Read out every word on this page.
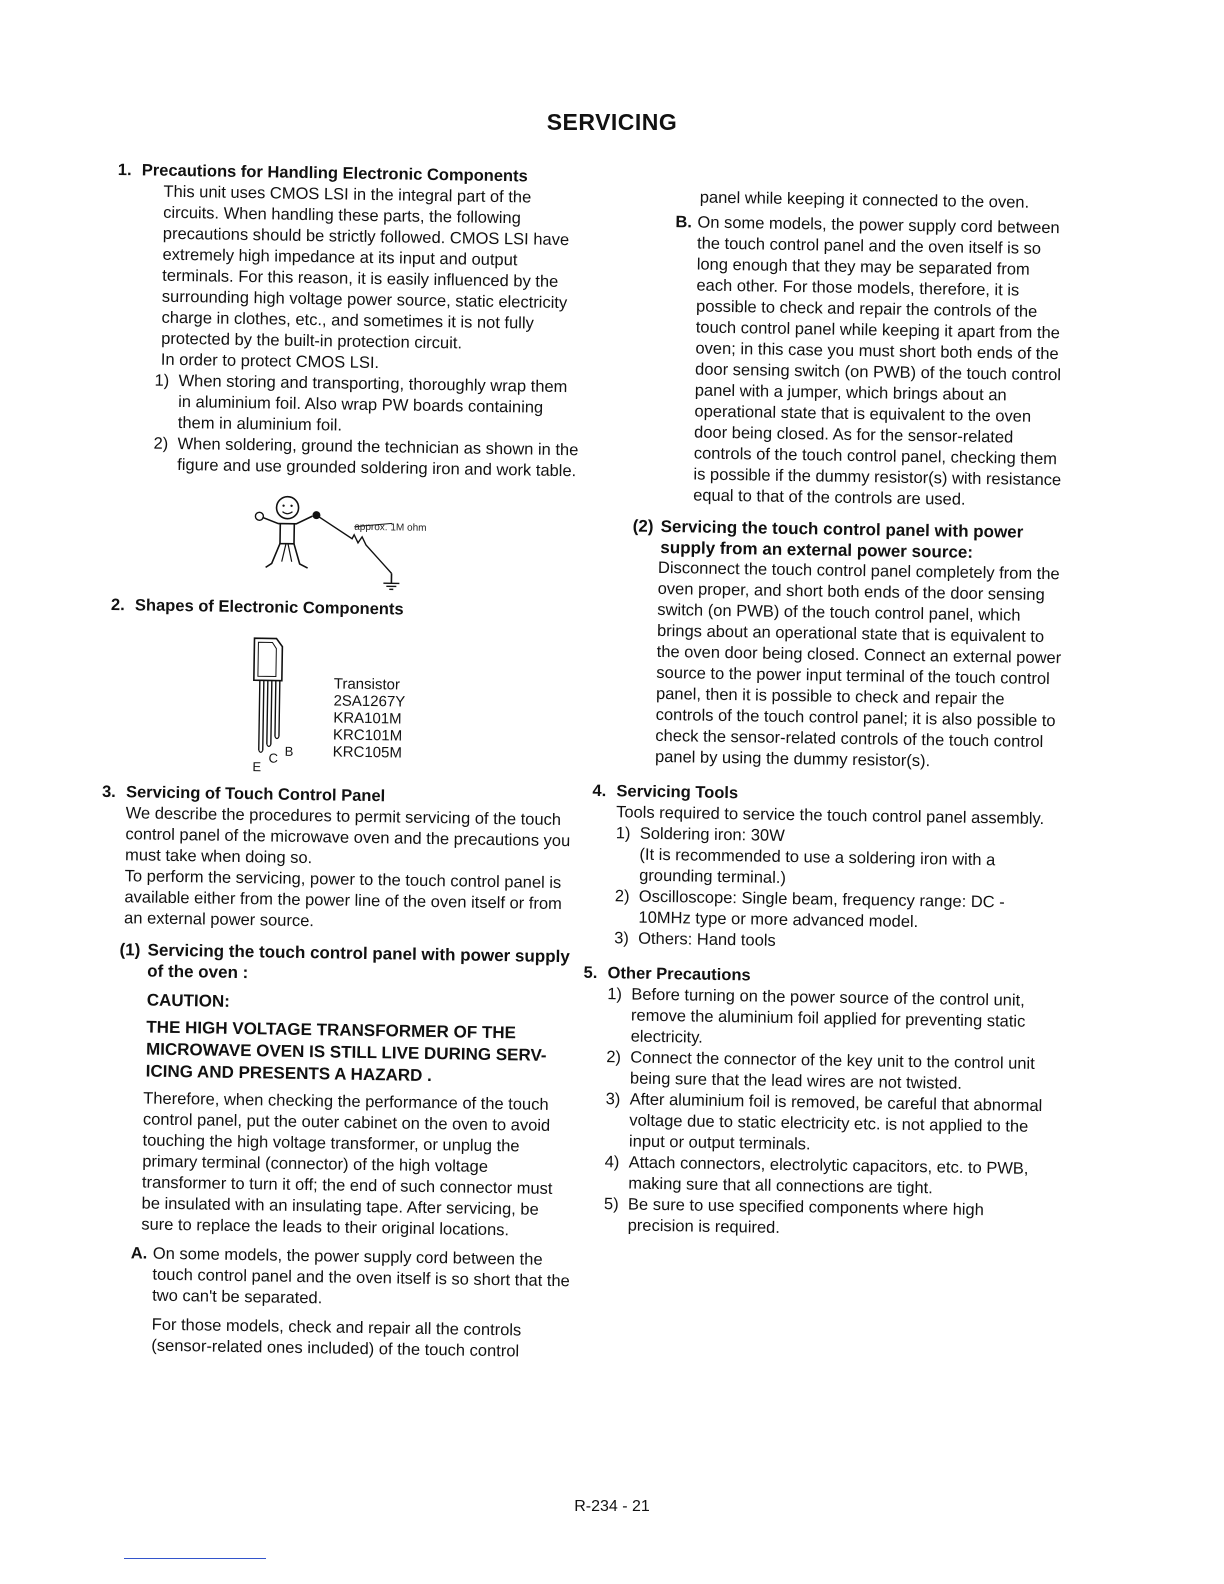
SERVICING
1. Precautions for Handling Electronic Components

This unit uses CMOS LSI in the integral part of the circuits. When handling these parts, the following precautions should be strictly followed. CMOS LSI have extremely high impedance at its input and output terminals. For this reason, it is easily influenced by the surrounding high voltage power source, static electricity charge in clothes, etc., and sometimes it is not fully protected by the built-in protection circuit.

In order to protect CMOS LSI.

1) When storing and transporting, thoroughly wrap them in aluminium foil. Also wrap PW boards containing them in aluminium foil.
2) When soldering, ground the technician as shown in the figure and use grounded soldering iron and work table.
approx. 1M ohm
2. Shapes of Electronic Components
E
C B
Transistor
2SA1267Y
KRA101M
KRC101M
KRC105M
3. Servicing of Touch Control Panel

We describe the procedures to permit servicing of the touch control panel of the microwave oven and the precautions you must take when doing so.

To perform the servicing, power to the touch control panel is available either from the power line of the oven itself or from an external power source.

(1) Servicing the touch control panel with power supply of the oven :
CAUTION:
THE HIGH VOLTAGE TRANSFORMER OF THE MICROWAVE OVEN IS STILL LIVE DURING SERV-ICING AND PRESENTS A HAZARD .

Therefore, when checking the performance of the touch control panel, put the outer cabinet on the oven to avoid touching the high voltage transformer, or unplug the primary terminal (connector) of the high voltage transformer to turn it off; the end of such connector must be insulated with an insulating tape. After servicing, be sure to replace the leads to their original locations.

A. On some models, the power supply cord between the touch control panel and the oven itself is so short that the two can't be separated.

For those models, check and repair all the controls (sensor-related ones included) of the touch control

panel while keeping it connected to the oven.

B. On some models, the power supply cord between the touch control panel and the oven itself is so long enough that they may be separated from each other. For those models, therefore, it is possible to check and repair the controls of the touch control panel while keeping it apart from the oven; in this case you must short both ends of the door sensing switch (on PWB) of the touch control panel with a jumper, which brings about an operational state that is equivalent to the oven door being closed. As for the sensor-related controls of the touch control panel, checking them is possible if the dummy resistor(s) with resistance equal to that of the controls are used.
(2) Servicing the touch control panel with power supply from an external power source:

Disconnect the touch control panel completely from the oven proper, and short both ends of the door sensing switch (on PWB) of the touch control panel, which brings about an operational state that is equivalent to the oven door being closed. Connect an external power source to the power input terminal of the touch control panel, then it is possible to check and repair the controls of the touch control panel; it is also possible to check the sensor-related controls of the touch control panel by using the dummy resistor(s).

4. Servicing Tools

Tools required to service the touch control panel assembly.

1) Soldering iron: 30W
(It is recommended to use a soldering iron with a grounding terminal.)
2) Oscilloscope: Single beam, frequency range: DC - 10MHz type or more advanced model.
3) Others: Hand tools
5. Other Precautions
1) Before turning on the power source of the control unit, remove the aluminium foil applied for preventing static electricity.
2) Connect the connector of the key unit to the control unit being sure that the lead wires are not twisted.
3) After aluminium foil is removed, be careful that abnormal voltage due to static electricity etc. is not applied to the input or output terminals.
4) Attach connectors, electrolytic capacitors, etc. to PWB, making sure that all connections are tight.
5) Be sure to use specified components where high precision is required.
R-234 - 21
